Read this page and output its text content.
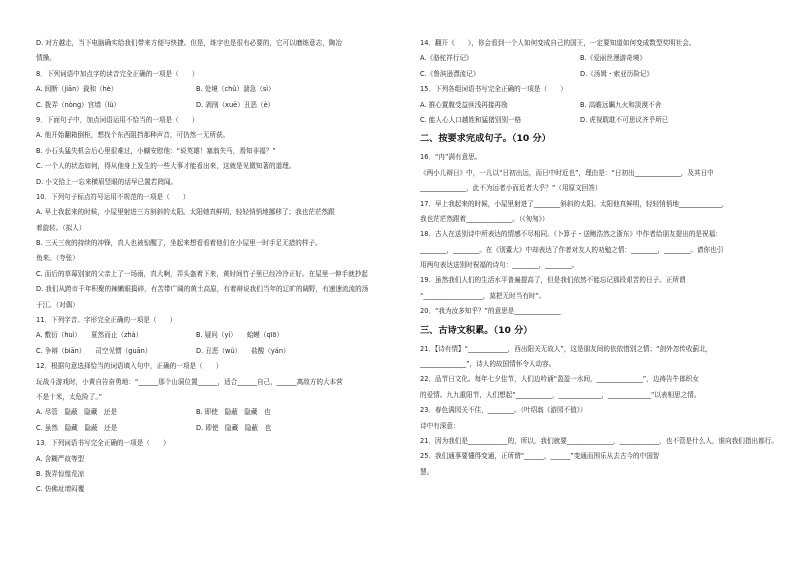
D. 对方越走，当下电脑确实给我们带来方便与快捷。但是，练字也是很有必要的，它可以磨练意志，陶冶
情操。
8．下列词语中加点字的读音完全正确的一项是（　　）
A. 间断（jiān）裁和（hè）	B. 处境（chǔ）湍急（sì）
C. 拨弄（nòng）宫墙（lù）	D. 剥削（xuē）丑恶（è）
9．下面句子中，加点词语运用不恰当的一项是（　　）
A. 他开始翻箱倒柜，想找个东西阻挡那种声音，可仍然一无所获。
B. 小石头猛失机会后心里很难过，小蝴安慰他：“说英雄！塞翁失马，焉知非福？”
C. 一个人的状态如何，得从他身上发生的一些大事才能看出来，这就是见微知著的道理。
D. 小文拾上一忘来横眉竖眼的话早已置若罔闻。
10．下列句子标点符号运用不规范的一项是（　　）
A. 早上我起来的时候，小屋里射进三方斜斜的太阳。太阳她真鲜明，轻轻悄悄地挪移了；我也茫茫然跟
着旋转。（拟人）
B. 三天三夜的持续的冲锋，真人也被惊醒了，坐起来想看看着他们在小屋里一时手足无措的样子。
鱼来。（夸张）
C. 而后的草莓别家的父亲上了一场雨，真大啊，弄头盔着下来，黄时间竹子里已经冷冷正好。在屋里一伸手就抄起
D. 我们从跨市千年积聚的辣嫩眼捣碎，有苦带广阔的黄土高原，有着辩说我们当年的辽旷的阔野，有速速流流的汤
于江。（对偶）
11．下列字音、字形完全正确的一项是（　　）
A. 敷衍（huì）　　夏然而止（zhà）	B. 疑问（yí）　　蛤蟆（qīō）
C. 争辩（biān）　　司空见惯（guān）	D. 丑恶（wù）　　盐酸（yán）
12．根据句意选择恰当的词语填入句中，正确的一项是（　　）
玩战斗游戏时，小黄自告奋勇地：“______那个山洞位置______，适合______自己，______离敌方的大本营
不是十米，太危险了。”
A. 尽管　隐蔽　隐藏　还是	B. 即使　隐蔽　隐藏　也
C. 虽然　隐藏　隐蔽　还是	D. 即使　隐藏　隐蔽　也
13．下列词语书写完全正确的一项是（　　）
A. 含糊严故等型
B. 拨弄惊惶荒凉
C. 仿佛址增闷覆
14．翻开《　　》，你会看到一个人如何变成自己的国王，一定要知道如何变成数型奖明社会。
A.《骆驼祥行记》	B.《爱丽丝漫游奇境》
C.《鲁滨逊漂流记》	D.《汤姆・索亚历险记》
15．下列各组词语书写完全正确的一项是（　　）
A. 推心置腹受益匪浅再接再励	B. 高瞻远瞩九火和淡漠不舍
C. 能人心人口越姓和猛猪别别一格	D. 虎视耽耽不可思议齐乎所已
二、按要求完成句子。（10 分）
16．“冉”满有意思。
《两小儿辩日》中，一儿以“日初出远，而日中时近也”，理由是：“日初出______________，及其日中
______________，此不为远者小而近者大乎？”（用原文回答）
17．早上我起来的时候，小屋里射进了________斜斜的太阳。太阳他真鲜明，轻轻悄悄地_____________，
我也茫茫然跟着______________。（《匆匆》）
18．古人在送别诗中所表达的情感不尽相同。《卜算子・送鲍浩然之浙东》中作者给朋友提出的是祝福：
________，________。在《别董大》中却表达了作者对友人的劝勉之情：________，________。请你也引
用两句表达送别时祝福的诗句：________，________。
19．虽然我们人们的生活水平普遍提高了，但是我们依然不能忘记那段艰苦的日子。正所谓
“__________________，莫把无时当有时”。
20．“我为汝多知乎？”的意思是______________
三、古诗文积累。（10 分）
21．【诗有情】“____________，西出阳关无故人”，这是朋友间的依依惜别之情；“剑外忽传收蓟北，
______________”，诗人的故国情怀令人动容。
22．品节日文化。每年七夕佳节，人们边吟诵“盈盈一水间，______________”，边祷告牛郎织女
的爱情。九九重阳节，人们想起“___________，_____________，_____________”以表相思之情。
23．春色满园关不住，________。（叶绍翁《游园不值》）
诗中有深意：
21．因为我们是____________的，所以，我们就要______________，____________，也不管是什么人，谁向我们指出都行。
25．我们通事要懂得变通，正所谓“______，______”变通而围乐从去古今的中国智
慧。
